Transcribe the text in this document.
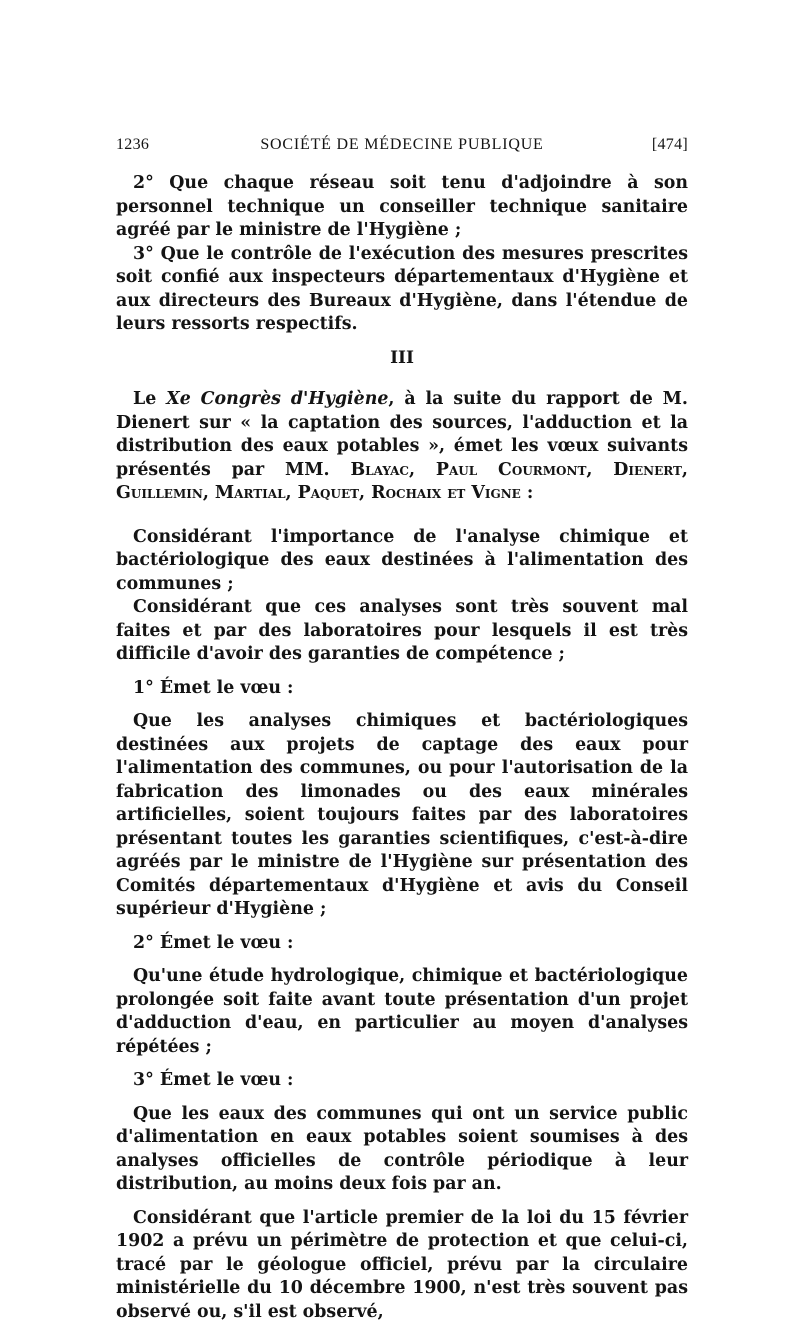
1236	SOCIÉTÉ DE MÉDECINE PUBLIQUE	[474]

2° Que chaque réseau soit tenu d'adjoindre à son personnel technique un conseiller technique sanitaire agréé par le ministre de l'Hygiène ;

3° Que le contrôle de l'exécution des mesures prescrites soit confié aux inspecteurs départementaux d'Hygiène et aux directeurs des Bureaux d'Hygiène, dans l'étendue de leurs ressorts respectifs.

III

Le Xe Congrès d'Hygiène, à la suite du rapport de M. Dienert sur « la captation des sources, l'adduction et la distribution des eaux potables », émet les vœux suivants présentés par MM. Blayac, Paul Courmont, Dienert, Guillemin, Martial, Paquet, Rochaix et Vigne :

Considérant l'importance de l'analyse chimique et bactériologique des eaux destinées à l'alimentation des communes ;

Considérant que ces analyses sont très souvent mal faites et par des laboratoires pour lesquels il est très difficile d'avoir des garanties de compétence ;

1° Émet le vœu :

Que les analyses chimiques et bactériologiques destinées aux projets de captage des eaux pour l'alimentation des communes, ou pour l'autorisation de la fabrication des limonades ou des eaux minérales artificielles, soient toujours faites par des laboratoires présentant toutes les garanties scientifiques, c'est-à-dire agréés par le ministre de l'Hygiène sur présentation des Comités départementaux d'Hygiène et avis du Conseil supérieur d'Hygiène ;

2° Émet le vœu :

Qu'une étude hydrologique, chimique et bactériologique prolongée soit faite avant toute présentation d'un projet d'adduction d'eau, en particulier au moyen d'analyses répétées ;

3° Émet le vœu :

Que les eaux des communes qui ont un service public d'alimentation en eaux potables soient soumises à des analyses officielles de contrôle périodique à leur distribution, au moins deux fois par an.

Considérant que l'article premier de la loi du 15 février 1902 a prévu un périmètre de protection et que celui-ci, tracé par le géologue officiel, prévu par la circulaire ministérielle du 10 décembre 1900, n'est très souvent pas observé ou, s'il est observé,
